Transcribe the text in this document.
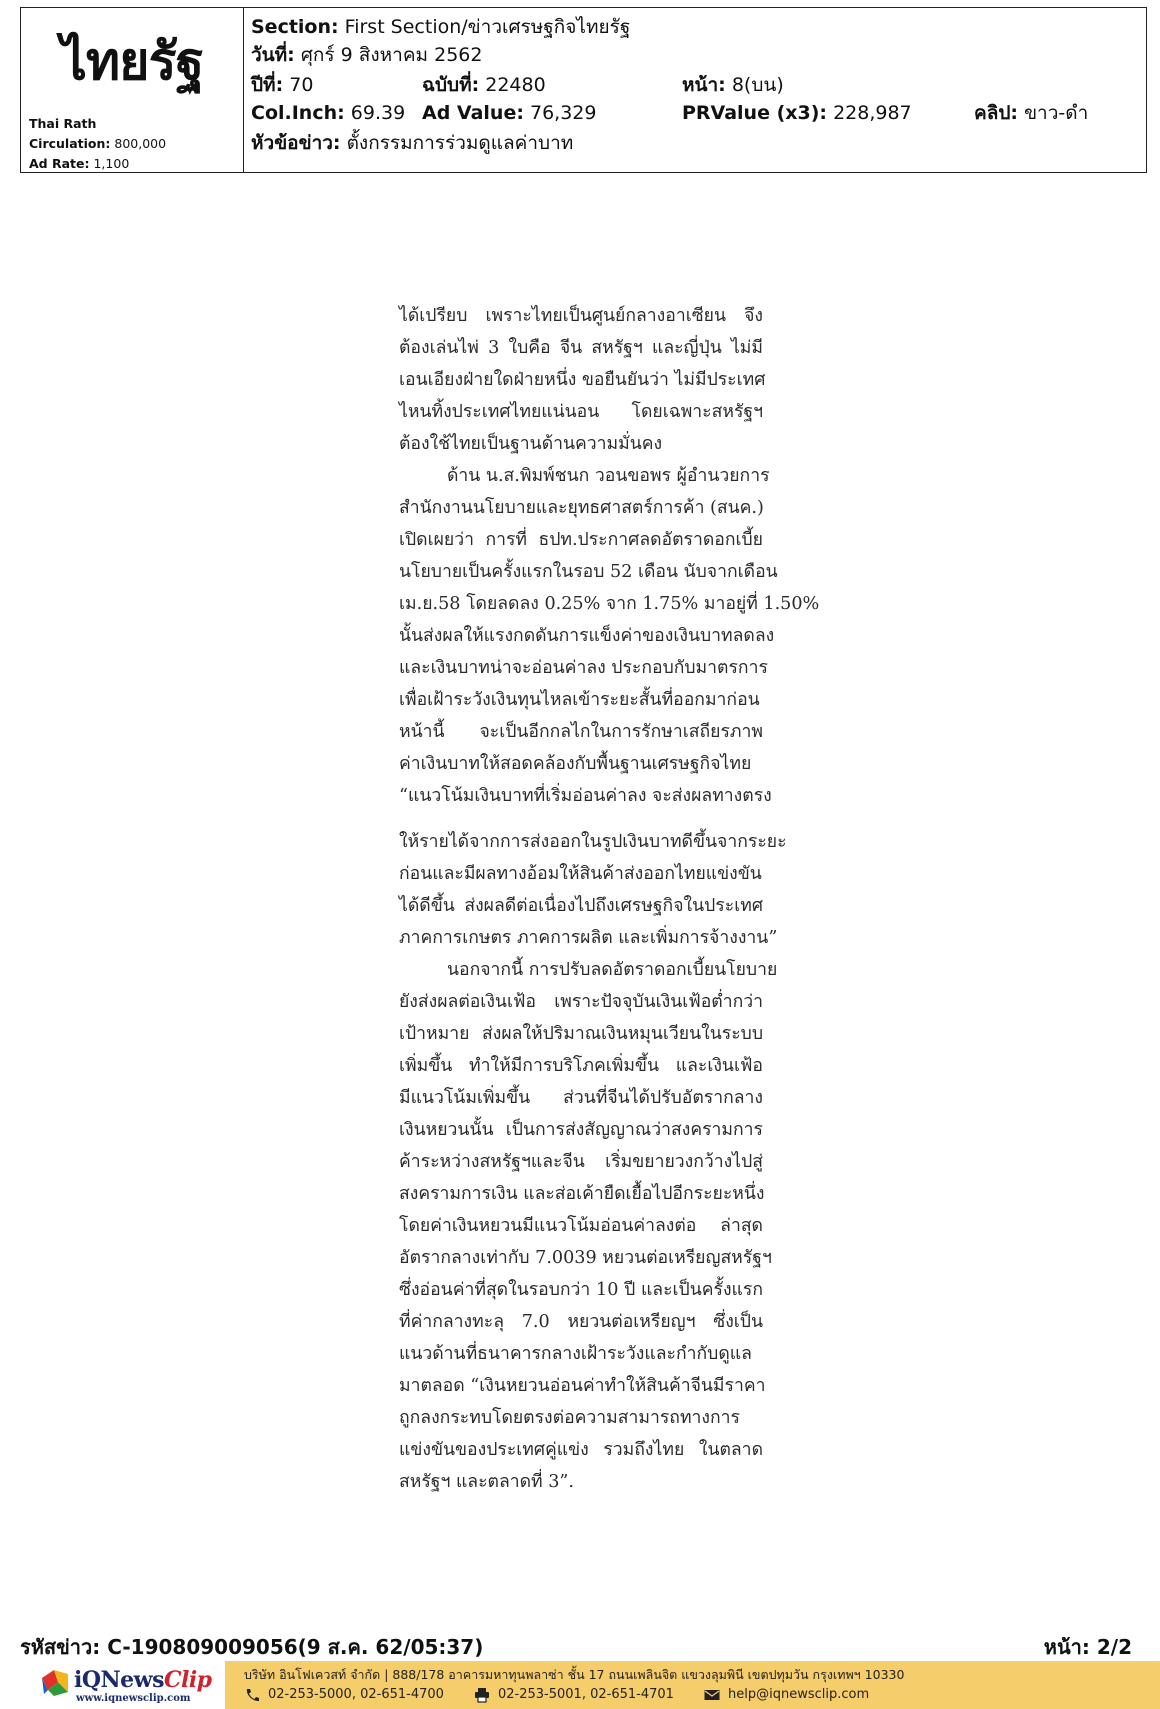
ไทยรัฐ
Thai Rath
Circulation: 800,000
Ad Rate: 1,100
Section: First Section/ข่าวเศรษฐกิจไทยรัฐ
วันที่: ศุกร์ 9 สิงหาคม 2562
ปีที่: 70	ฉบับที่: 22480	หน้า: 8(บน)
Col.Inch: 69.39 Ad Value: 76,329	PRValue (x3): 228,987	คลิป: ขาว-ดำ
หัวข้อข่าว: ตั้งกรรมการร่วมดูแลค่าบาท
ได้เปรียบ เพราะไทยเป็นศูนย์กลางอาเซียน จึง
ต้องเล่นไพ่ 3 ใบคือ จีน สหรัฐฯ และญี่ปุ่น ไม่มี
เอนเอียงฝ่ายใดฝ่ายหนึ่ง ขอยืนยันว่า ไม่มีประเทศ
ไหนทิ้งประเทศไทยแน่นอน โดยเฉพาะสหรัฐฯ
ต้องใช้ไทยเป็นฐานด้านความมั่นคง
ด้าน น.ส.พิมพ์ชนก วอนขอพร ผู้อำนวยการ
สำนักงานนโยบายและยุทธศาสตร์การค้า (สนค.)
เปิดเผยว่า การที่ ธปท.ประกาศลดอัตราดอกเบี้ย
นโยบายเป็นครั้งแรกในรอบ 52 เดือน นับจากเดือน
เม.ย.58 โดยลดลง 0.25% จาก 1.75% มาอยู่ที่ 1.50%
นั้นส่งผลให้แรงกดดันการแข็งค่าของเงินบาทลดลง
และเงินบาทน่าจะอ่อนค่าลง ประกอบกับมาตรการ
เพื่อเฝ้าระวังเงินทุนไหลเข้าระยะสั้นที่ออกมาก่อน
หน้านี้ จะเป็นอีกกลไกในการรักษาเสถียรภาพ
ค่าเงินบาทให้สอดคล้องกับพื้นฐานเศรษฐกิจไทย
“แนวโน้มเงินบาทที่เริ่มอ่อนค่าลง จะส่งผลทางตรง
ให้รายได้จากการส่งออกในรูปเงินบาทดีขึ้นจากระยะ
ก่อนและมีผลทางอ้อมให้สินค้าส่งออกไทยแข่งขัน
ได้ดีขึ้น ส่งผลดีต่อเนื่องไปถึงเศรษฐกิจในประเทศ
ภาคการเกษตร ภาคการผลิต และเพิ่มการจ้างงาน”
นอกจากนี้ การปรับลดอัตราดอกเบี้ยนโยบาย
ยังส่งผลต่อเงินเฟ้อ เพราะปัจจุบันเงินเฟ้อต่ำกว่า
เป้าหมาย ส่งผลให้ปริมาณเงินหมุนเวียนในระบบ
เพิ่มขึ้น ทำให้มีการบริโภคเพิ่มขึ้น และเงินเฟ้อ
มีแนวโน้มเพิ่มขึ้น ส่วนที่จีนได้ปรับอัตรากลาง
เงินหยวนนั้น เป็นการส่งสัญญาณว่าสงครามการ
ค้าระหว่างสหรัฐฯและจีน เริ่มขยายวงกว้างไปสู่
สงครามการเงิน และส่อเค้ายืดเยื้อไปอีกระยะหนึ่ง
โดยค่าเงินหยวนมีแนวโน้มอ่อนค่าลงต่อ ล่าสุด
อัตรากลางเท่ากับ 7.0039 หยวนต่อเหรียญสหรัฐฯ
ซึ่งอ่อนค่าที่สุดในรอบกว่า 10 ปี และเป็นครั้งแรก
ที่ค่ากลางทะลุ 7.0 หยวนต่อเหรียญฯ ซึ่งเป็น
แนวด้านที่ธนาคารกลางเฝ้าระวังและกำกับดูแล
มาตลอด “เงินหยวนอ่อนค่าทำให้สินค้าจีนมีราคา
ถูกลงกระทบโดยตรงต่อความสามารถทางการ
แข่งขันของประเทศคู่แข่ง รวมถึงไทย ในตลาด
สหรัฐฯ และตลาดที่ 3”.
รหัสข่าว: C-190809009056(9 ส.ค. 62/05:37)	หน้า: 2/2
iQNewsClip
www.iqnewsclip.com
บริษัท อินโฟเควสท์ จำกัด | 888/178 อาคารมหาทุนพลาซ่า ชั้น 17 ถนนเพลินจิต แขวงลุมพินี เขตปทุมวัน กรุงเทพฯ 10330
02-253-5000, 02-651-4700	02-253-5001, 02-651-4701	help@iqnewsclip.com
